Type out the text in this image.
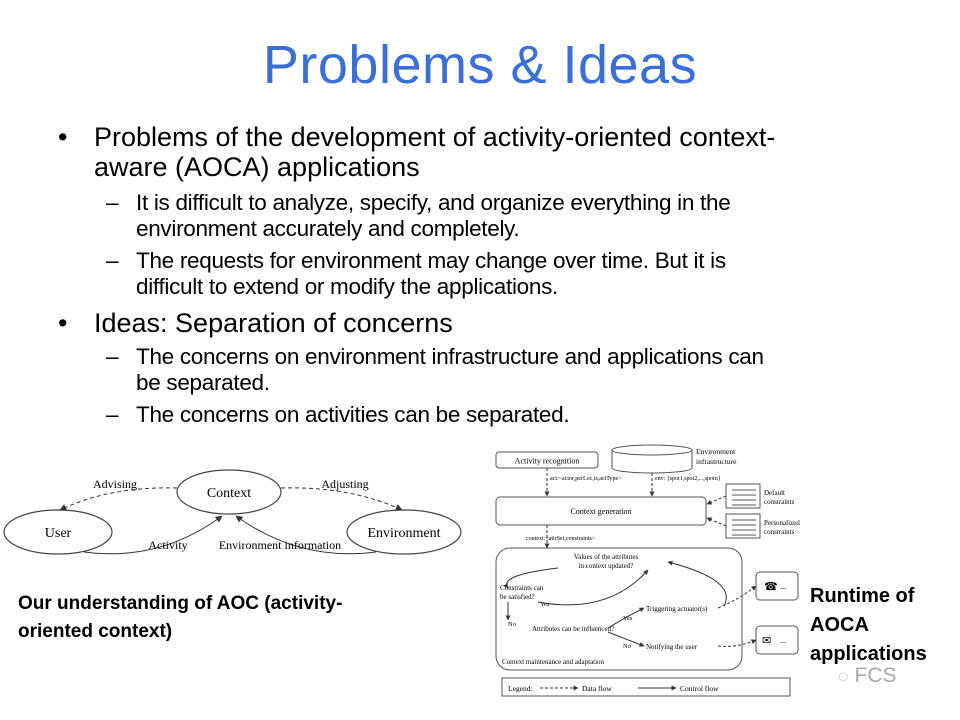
Problems & Ideas
• Problems of the development of activity-oriented context-
aware (AOCA) applications
– It is difficult to analyze, specify, and organize everything in the
environment accurately and completely.
– The requests for environment may change over time. But it is
difficult to extend or modify the applications.
• Ideas: Separation of concerns
– The concerns on environment infrastructure and applications can
be separated.
– The concerns on activities can be separated.
Context
User	Environment
Advising	Adjusting
Activity	Environment information
Our understanding of AOC (activity-
oriented context)
Activity recognition
Environment
infrastructure
act:<actor,perLoc,ts,actType>	env: {spot1,spot2,...,spotn}
Context generation
Default
constraints
Personalized
constraints
context:<attrSet,constraints>
Values of the attributes
in context updated?
Constraints can
be satisfied?
Yes
Triggering actuator(s)
Yes
No
Attributes can be influenced?
No Notifying the user
Context maintenance and adaptation
☎ ...
✉ ...
Legend:	Data flow	Control flow
Runtime of
AOCA
applications
◌ FCS
